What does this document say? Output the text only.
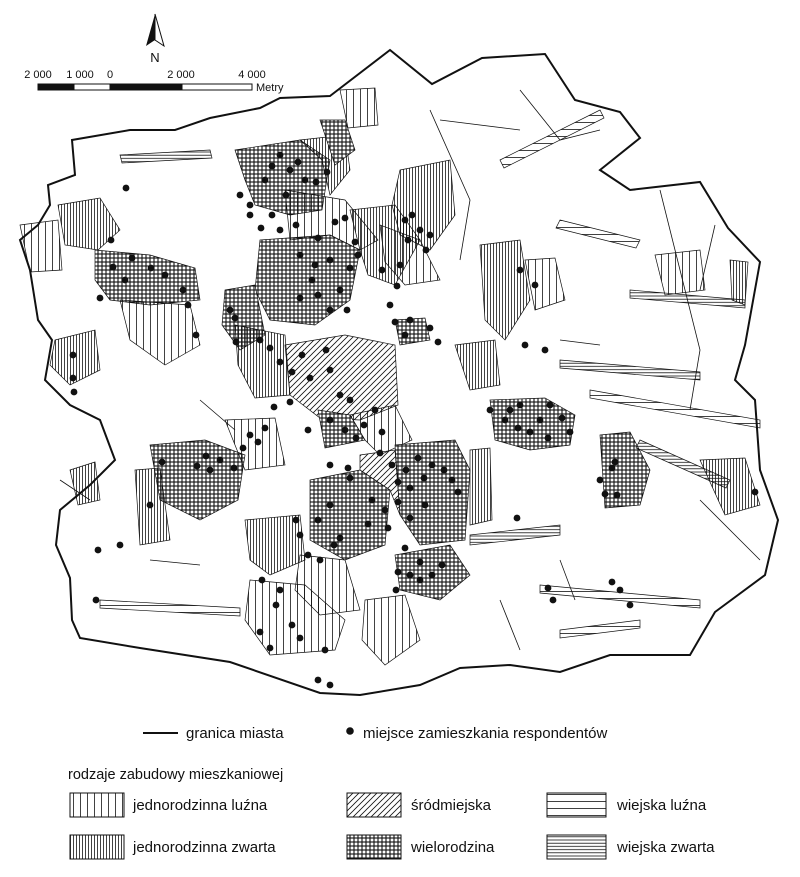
N
2 000 1 000 0	2 000	4 000
Metry
granica miasta	miejsce zamieszkania respondentów
rodzaje zabudowy mieszkaniowej
jednorodzinna luźna
jednorodzinna zwarta
śródmiejska
wielorodzina
wiejska luźna
wiejska zwarta
